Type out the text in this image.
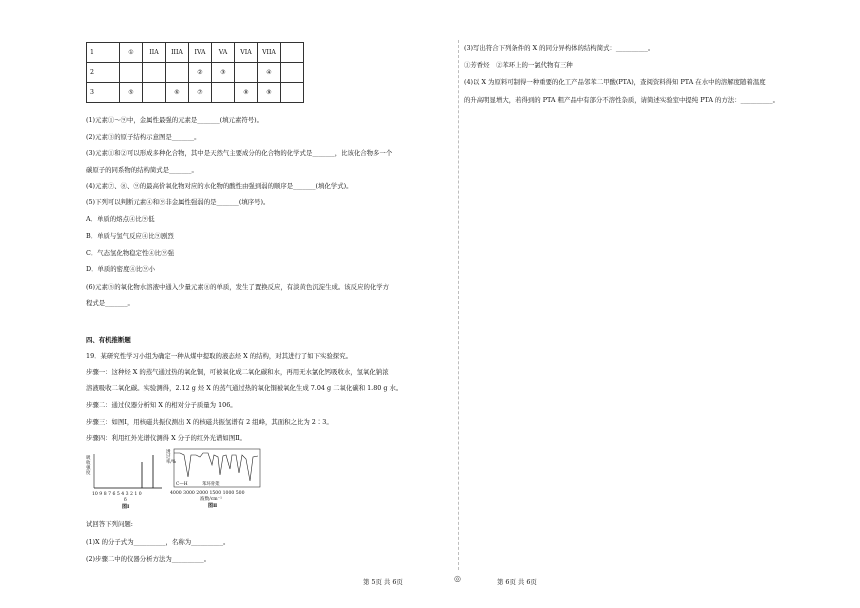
1	①	IIA	IIIA	IVA	VA	VIA	VIIA	
2				②	③		④	
3	⑤		⑥	⑦		⑧	⑨	
(1)元素①～⑨中，金属性最强的元素是_______(填元素符号)。
(2)元素③的原子结构示意图是_______。
(3)元素①和②可以形成多种化合物，其中是天然气主要成分的化合物的化学式是_______，比该化合物多一个
碳原子的同系物的结构简式是_______。
(4)元素⑦、⑧、⑨的最高价氧化物对应的水化物的酸性由强到弱的顺序是_______(填化学式)。
(5)下列可以判断元素④和⑨非金属性强弱的是_______(填序号)。
A．单质的熔点④比⑨低
B．单质与氢气反应④比⑨剧烈
C．气态氢化物稳定性④比⑨强
D．单质的密度④比⑨小
(6)元素⑤的氧化物水溶液中通入少量元素⑧的单质，发生了置换反应，有淡黄色沉淀生成。该反应的化学方
程式是_______。
四、有机推断题
19．某研究性学习小组为确定一种从煤中提取的液态烃 X 的结构，对其进行了如下实验探究。
步骤一：这种烃 X 的蒸气通过热的氧化铜，可被氧化成二氧化碳和水，再用无水氯化钙吸收水，氢氧化钠浓
溶液吸收二氧化碳。实验测得，2.12 g 烃 X 的蒸气通过热的氧化铜被氧化生成 7.04 g 二氧化碳和 1.80 g 水。
步骤二：通过仪器分析知 X 的相对分子质量为 106。
步骤三：如图Ⅰ，用核磁共振仪测出 X 的核磁共振氢谱有 2 组峰，其面积之比为 2∶3。
步骤四：利用红外光谱仪测得 X 分子的红外光谱如图Ⅱ。
吸收强度
10 9 8 7 6 5 4 3 2 1 0
δ
图Ⅰ
透过率/%
C—H	苯环骨架
4000 3000 2000 1500 1000 500
波数/cm⁻¹
图Ⅱ
试回答下列问题:
(1)X 的分子式为__________，名称为__________。
(2)步骤二中的仪器分析方法为__________。
(3)写出符合下列条件的 X 的同分异构体的结构简式：__________。
①芳香烃　②苯环上的一氯代物有三种
(4)以 X 为原料可制得一种重要的化工产品邻苯二甲酸(PTA)，查阅资料得知 PTA 在水中的溶解度随着温度
的升高明显增大，若得到的 PTA 粗产品中有部分不溶性杂质，请简述实验室中提纯 PTA 的方法：__________。
第 5页 共 6页	◎	第 6页 共 6页
